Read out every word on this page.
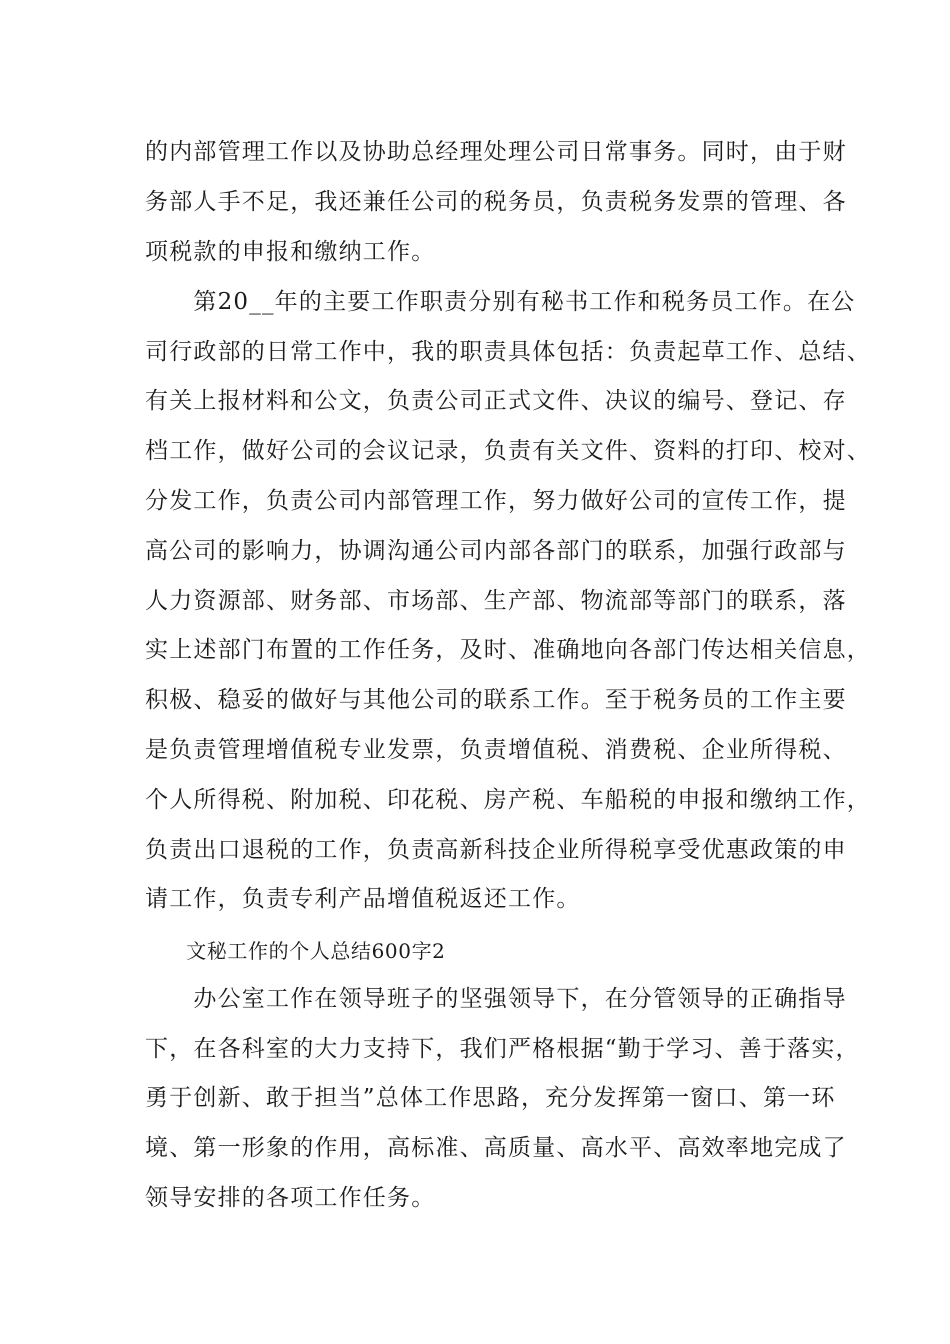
的内部管理工作以及协助总经理处理公司日常事务。同时，由于财
务部人手不足，我还兼任公司的税务员，负责税务发票的管理、各
项税款的申报和缴纳工作。
　　第20__年的主要工作职责分别有秘书工作和税务员工作。在公
司行政部的日常工作中，我的职责具体包括：负责起草工作、总结、
有关上报材料和公文，负责公司正式文件、决议的编号、登记、存
档工作，做好公司的会议记录，负责有关文件、资料的打印、校对、
分发工作，负责公司内部管理工作，努力做好公司的宣传工作，提
高公司的影响力，协调沟通公司内部各部门的联系，加强行政部与
人力资源部、财务部、市场部、生产部、物流部等部门的联系，落
实上述部门布置的工作任务，及时、准确地向各部门传达相关信息，
积极、稳妥的做好与其他公司的联系工作。至于税务员的工作主要
是负责管理增值税专业发票，负责增值税、消费税、企业所得税、
个人所得税、附加税、印花税、房产税、车船税的申报和缴纳工作，
负责出口退税的工作，负责高新科技企业所得税享受优惠政策的申
请工作，负责专利产品增值税返还工作。
　　文秘工作的个人总结600字2
　　办公室工作在领导班子的坚强领导下，在分管领导的正确指导
下，在各科室的大力支持下，我们严格根据“勤于学习、善于落实，
勇于创新、敢于担当”总体工作思路，充分发挥第一窗口、第一环
境、第一形象的作用，高标准、高质量、高水平、高效率地完成了
领导安排的各项工作任务。
